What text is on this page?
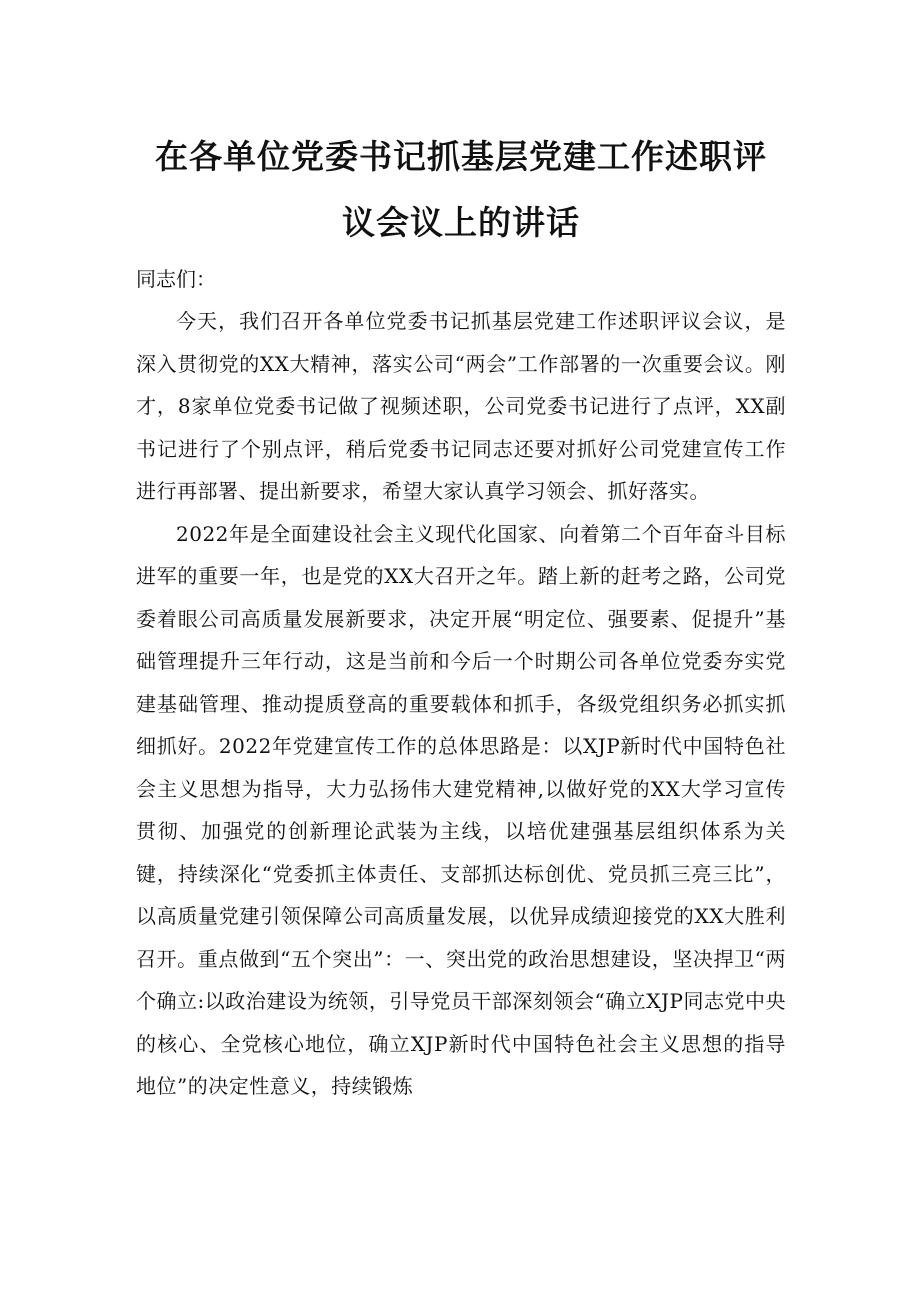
在各单位党委书记抓基层党建工作述职评
议会议上的讲话

同志们：

今天，我们召开各单位党委书记抓基层党建工作述职评议会议，是深入贯彻党的XX大精神，落实公司“两会”工作部署的一次重要会议。刚才，8家单位党委书记做了视频述职，公司党委书记进行了点评，XX副书记进行了个别点评，稍后党委书记同志还要对抓好公司党建宣传工作进行再部署、提出新要求，希望大家认真学习领会、抓好落实。

2022年是全面建设社会主义现代化国家、向着第二个百年奋斗目标进军的重要一年，也是党的XX大召开之年。踏上新的赶考之路，公司党委着眼公司高质量发展新要求，决定开展“明定位、强要素、促提升”基础管理提升三年行动，这是当前和今后一个时期公司各单位党委夯实党建基础管理、推动提质登高的重要载体和抓手，各级党组织务必抓实抓细抓好。2022年党建宣传工作的总体思路是：以XJP新时代中国特色社会主义思想为指导，大力弘扬伟大建党精神,以做好党的XX大学习宣传贯彻、加强党的创新理论武装为主线，以培优建强基层组织体系为关键，持续深化“党委抓主体责任、支部抓达标创优、党员抓三亮三比”，以高质量党建引领保障公司高质量发展，以优异成绩迎接党的XX大胜利召开。重点做到“五个突出”：一、突出党的政治思想建设，坚决捍卫“两个确立:以政治建设为统领，引导党员干部深刻领会“确立XJP同志党中央的核心、全党核心地位，确立XJP新时代中国特色社会主义思想的指导地位”的决定性意义，持续锻炼
